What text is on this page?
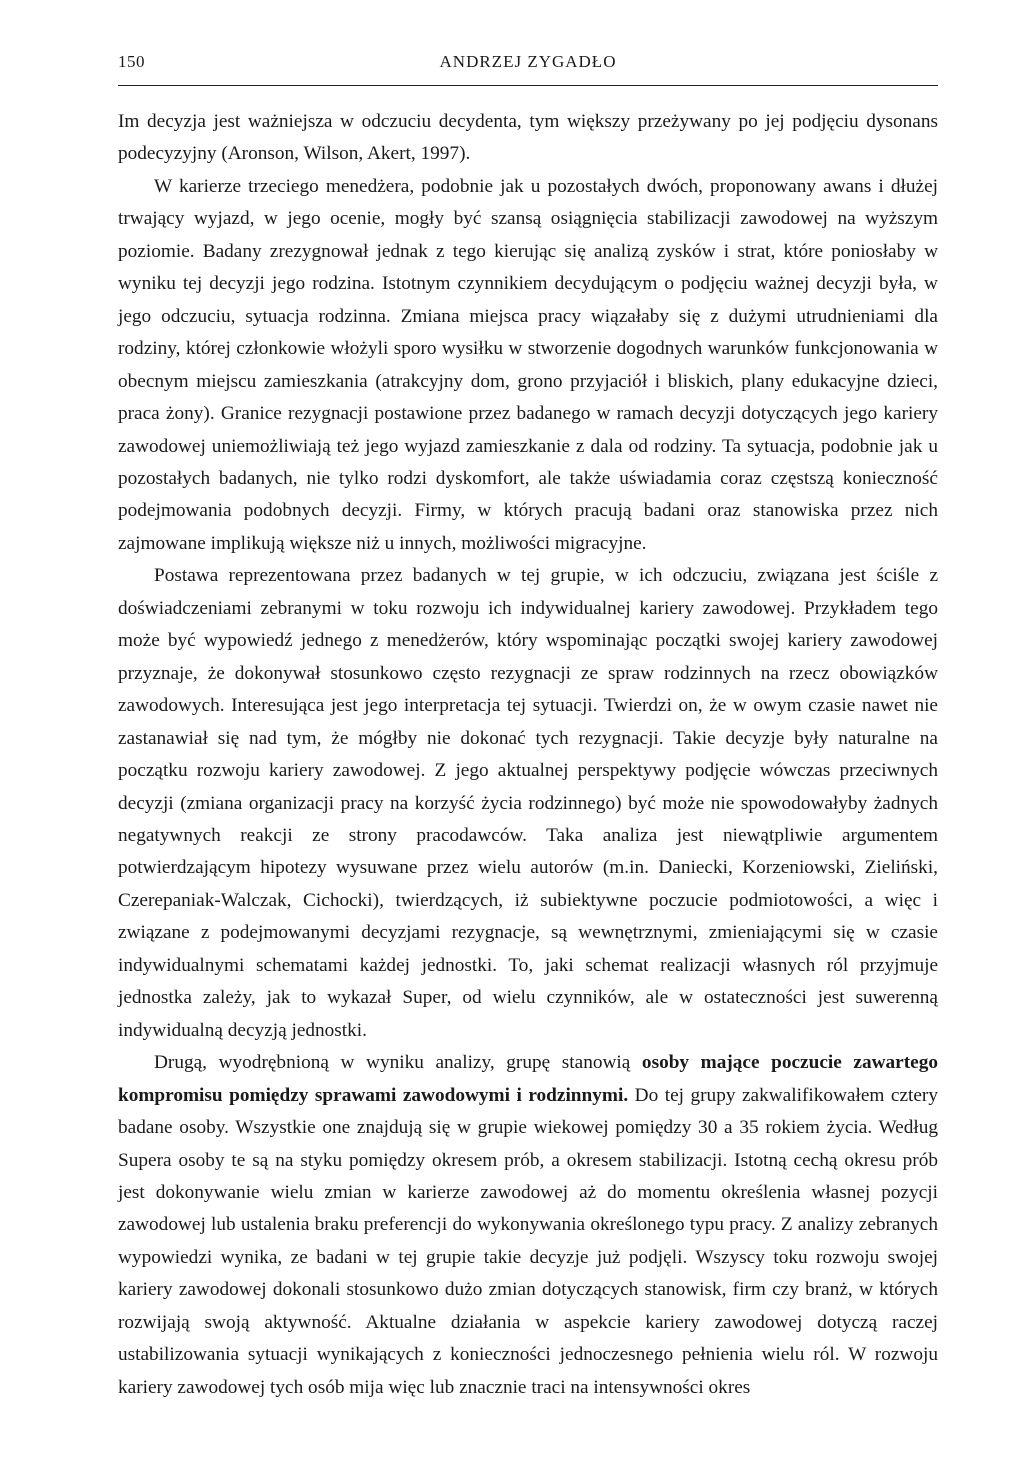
150	ANDRZEJ ZYGADŁO

Im decyzja jest ważniejsza w odczuciu decydenta, tym większy przeżywany po jej podjęciu dysonans podecyzyjny (Aronson, Wilson, Akert, 1997).

W karierze trzeciego menedżera, podobnie jak u pozostałych dwóch, proponowany awans i dłużej trwający wyjazd, w jego ocenie, mogły być szansą osiągnięcia stabilizacji zawodowej na wyższym poziomie. Badany zrezygnował jednak z tego kierując się analizą zysków i strat, które poniosłaby w wyniku tej decyzji jego rodzina. Istotnym czynnikiem decydującym o podjęciu ważnej decyzji była, w jego odczuciu, sytuacja rodzinna. Zmiana miejsca pracy wiązałaby się z dużymi utrudnieniami dla rodziny, której członkowie włożyli sporo wysiłku w stworzenie dogodnych warunków funkcjonowania w obecnym miejscu zamieszkania (atrakcyjny dom, grono przyjaciół i bliskich, plany edukacyjne dzieci, praca żony). Granice rezygnacji postawione przez badanego w ramach decyzji dotyczących jego kariery zawodowej uniemożliwiają też jego wyjazd zamieszkanie z dala od rodziny. Ta sytuacja, podobnie jak u pozostałych badanych, nie tylko rodzi dyskomfort, ale także uświadamia coraz częstszą konieczność podejmowania podobnych decyzji. Firmy, w których pracują badani oraz stanowiska przez nich zajmowane implikują większe niż u innych, możliwości migracyjne.

Postawa reprezentowana przez badanych w tej grupie, w ich odczuciu, związana jest ściśle z doświadczeniami zebranymi w toku rozwoju ich indywidualnej kariery zawodowej. Przykładem tego może być wypowiedź jednego z menedżerów, który wspominając początki swojej kariery zawodowej przyznaje, że dokonywał stosunkowo często rezygnacji ze spraw rodzinnych na rzecz obowiązków zawodowych. Interesująca jest jego interpretacja tej sytuacji. Twierdzi on, że w owym czasie nawet nie zastanawiał się nad tym, że mógłby nie dokonać tych rezygnacji. Takie decyzje były naturalne na początku rozwoju kariery zawodowej. Z jego aktualnej perspektywy podjęcie wówczas przeciwnych decyzji (zmiana organizacji pracy na korzyść życia rodzinnego) być może nie spowodowałyby żadnych negatywnych reakcji ze strony pracodawców. Taka analiza jest niewątpliwie argumentem potwierdzającym hipotezy wysuwane przez wielu autorów (m.in. Daniecki, Korzeniowski, Zieliński, Czerepaniak-Walczak, Cichocki), twierdzących, iż subiektywne poczucie podmiotowości, a więc i związane z podejmowanymi decyzjami rezygnacje, są wewnętrznymi, zmieniającymi się w czasie indywidualnymi schematami każdej jednostki. To, jaki schemat realizacji własnych ról przyjmuje jednostka zależy, jak to wykazał Super, od wielu czynników, ale w ostateczności jest suwerenną indywidualną decyzją jednostki.

Drugą, wyodrębnioną w wyniku analizy, grupę stanowią osoby mające poczucie zawartego kompromisu pomiędzy sprawami zawodowymi i rodzinnymi. Do tej grupy zakwalifikowałem cztery badane osoby. Wszystkie one znajdują się w grupie wiekowej pomiędzy 30 a 35 rokiem życia. Według Supera osoby te są na styku pomiędzy okresem prób, a okresem stabilizacji. Istotną cechą okresu prób jest dokonywanie wielu zmian w karierze zawodowej aż do momentu określenia własnej pozycji zawodowej lub ustalenia braku preferencji do wykonywania określonego typu pracy. Z analizy zebranych wypowiedzi wynika, ze badani w tej grupie takie decyzje już podjęli. Wszyscy toku rozwoju swojej kariery zawodowej dokonali stosunkowo dużo zmian dotyczących stanowisk, firm czy branż, w których rozwijają swoją aktywność. Aktualne działania w aspekcie kariery zawodowej dotyczą raczej ustabilizowania sytuacji wynikających z konieczności jednoczesnego pełnienia wielu ról. W rozwoju kariery zawodowej tych osób mija więc lub znacznie traci na intensywności okres
